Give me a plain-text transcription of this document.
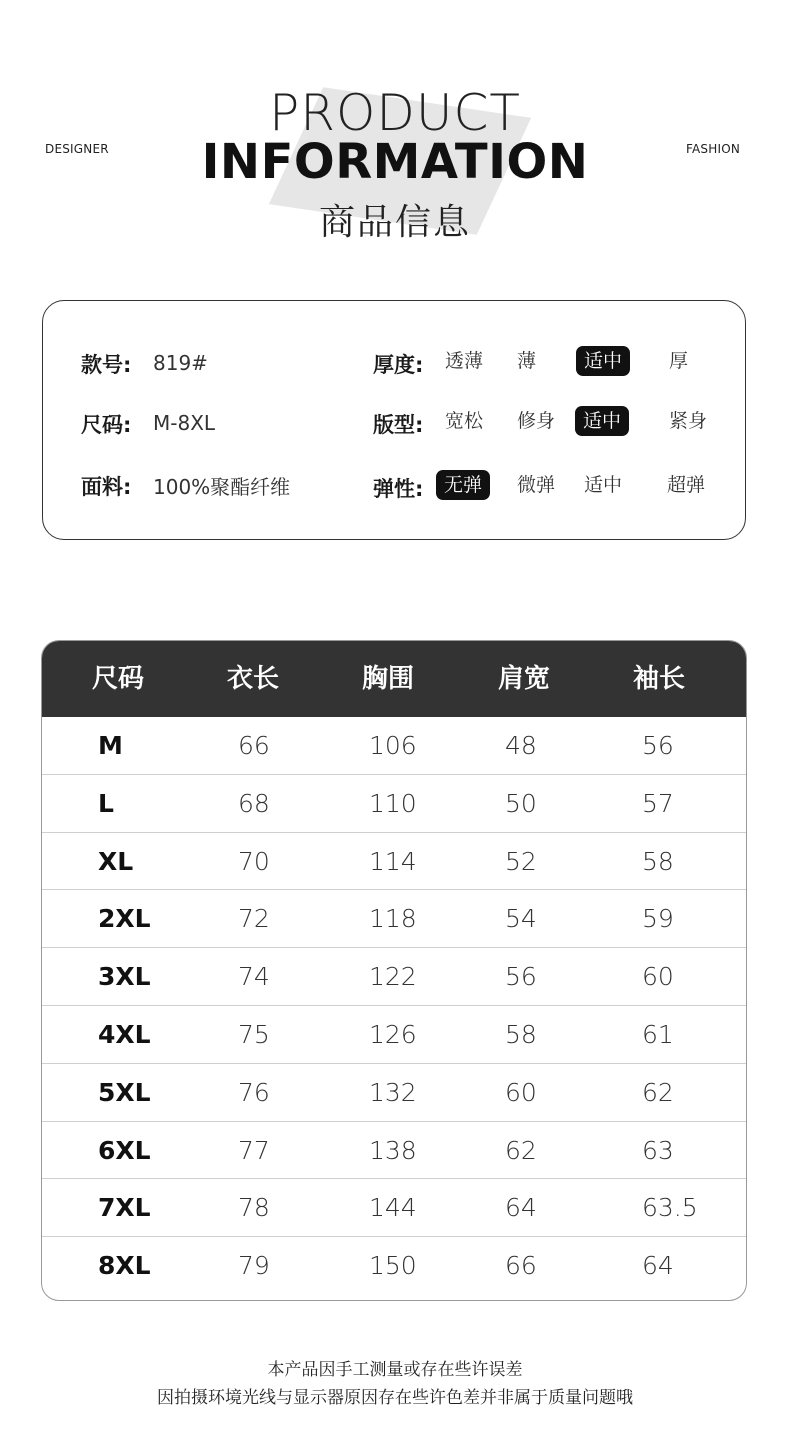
DESIGNER	FASHION
PRODUCT
INFORMATION
商品信息
款号: 819#
尺码: M-8XL
面料: 100%聚酯纤维
厚度: 透薄 薄	适中	厚
版型: 宽松 修身	适中	紧身
弹性:	无弹	微弹 适中 超弹
尺码	衣长	胸围	肩宽	袖长
M	66	106	48	56
L	68	110	50	57
XL	70	114	52	58
2XL	72	118	54	59
3XL	74	122	56	60
4XL	75	126	58	61
5XL	76	132	60	62
6XL	77	138	62	63
7XL	78	144	64	63.5
8XL	79	150	66	64
本产品因手工测量或存在些许误差
因拍摄环境光线与显示器原因存在些许色差并非属于质量问题哦
